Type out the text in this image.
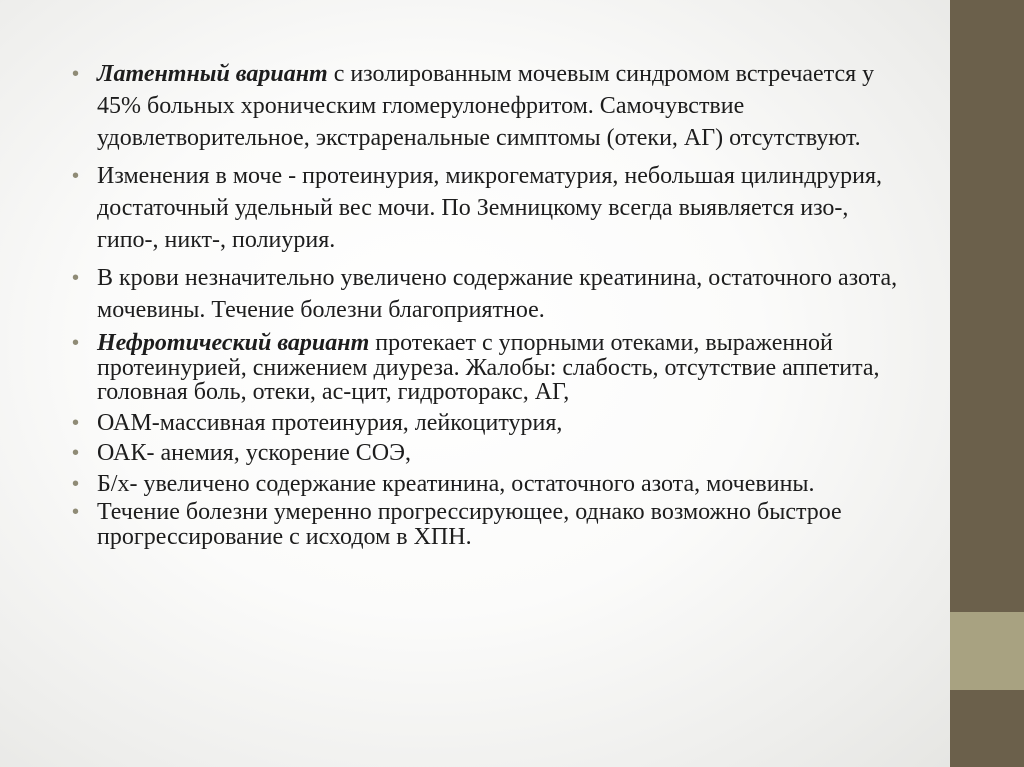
• Латентный вариант с изолированным мочевым синдромом встречается у 45% больных хроническим гломерулонефритом. Самочувствие удовлетворительное, экстраренальные симптомы (отеки, АГ) отсутствуют.
• Изменения в моче - протеинурия, микрогематурия, небольшая цилиндрурия, достаточный удельный вес мочи. По Земницкому всегда выявляется изо-, гипо-, никт-, полиурия.
• В крови незначительно увеличено содержание креатинина, остаточного азота, мочевины. Течение болезни благоприятное.
• Нефротический вариант протекает с упорными отеками, выраженной протеинурией, снижением диуреза. Жалобы: слабость, отсутствие аппетита, головная боль, отеки, ас-цит, гидроторакс, АГ,
• ОАМ-массивная протеинурия, лейкоцитурия,
• ОАК- анемия, ускорение СОЭ,
• Б/х- увеличено содержание креатинина, остаточного азота, мочевины.
• Течение болезни умеренно прогрессирующее, однако возможно быстрое прогрессирование с исходом в ХПН.
